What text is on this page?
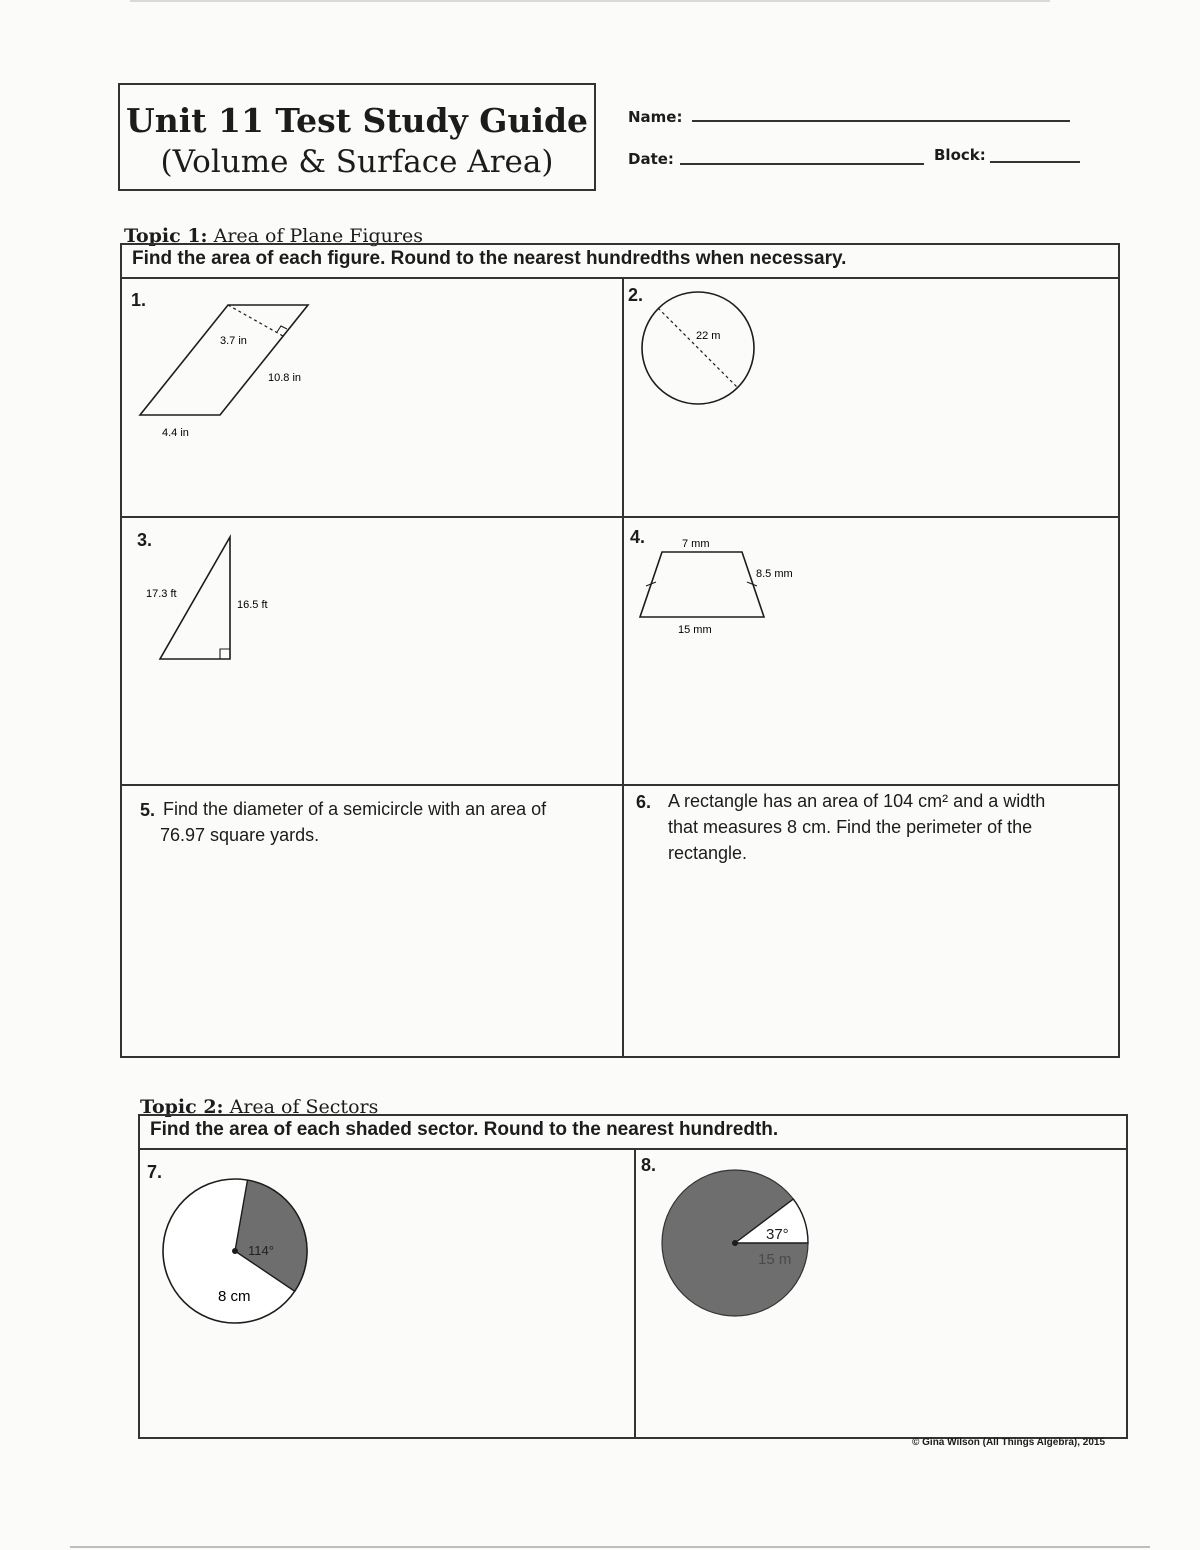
Unit 11 Test Study Guide
(Volume & Surface Area)
Name:
Date:	Block:
Topic 1: Area of Plane Figures
Find the area of each figure. Round to the nearest hundredths when necessary.
1.
3.7 in
10.8 in
4.4 in
2.
22 m
3.
17.3 ft
16.5 ft
4.	7 mm
8.5 mm
15 mm
5. Find the diameter of a semicircle with an area of
76.97 square yards.
6. A rectangle has an area of 104 cm² and a width
that measures 8 cm. Find the perimeter of the
rectangle.
Topic 2: Area of Sectors
Find the area of each shaded sector. Round to the nearest hundredth.
7.
114°
8 cm
8.
37°
15 m
© Gina Wilson (All Things Algebra), 2015
